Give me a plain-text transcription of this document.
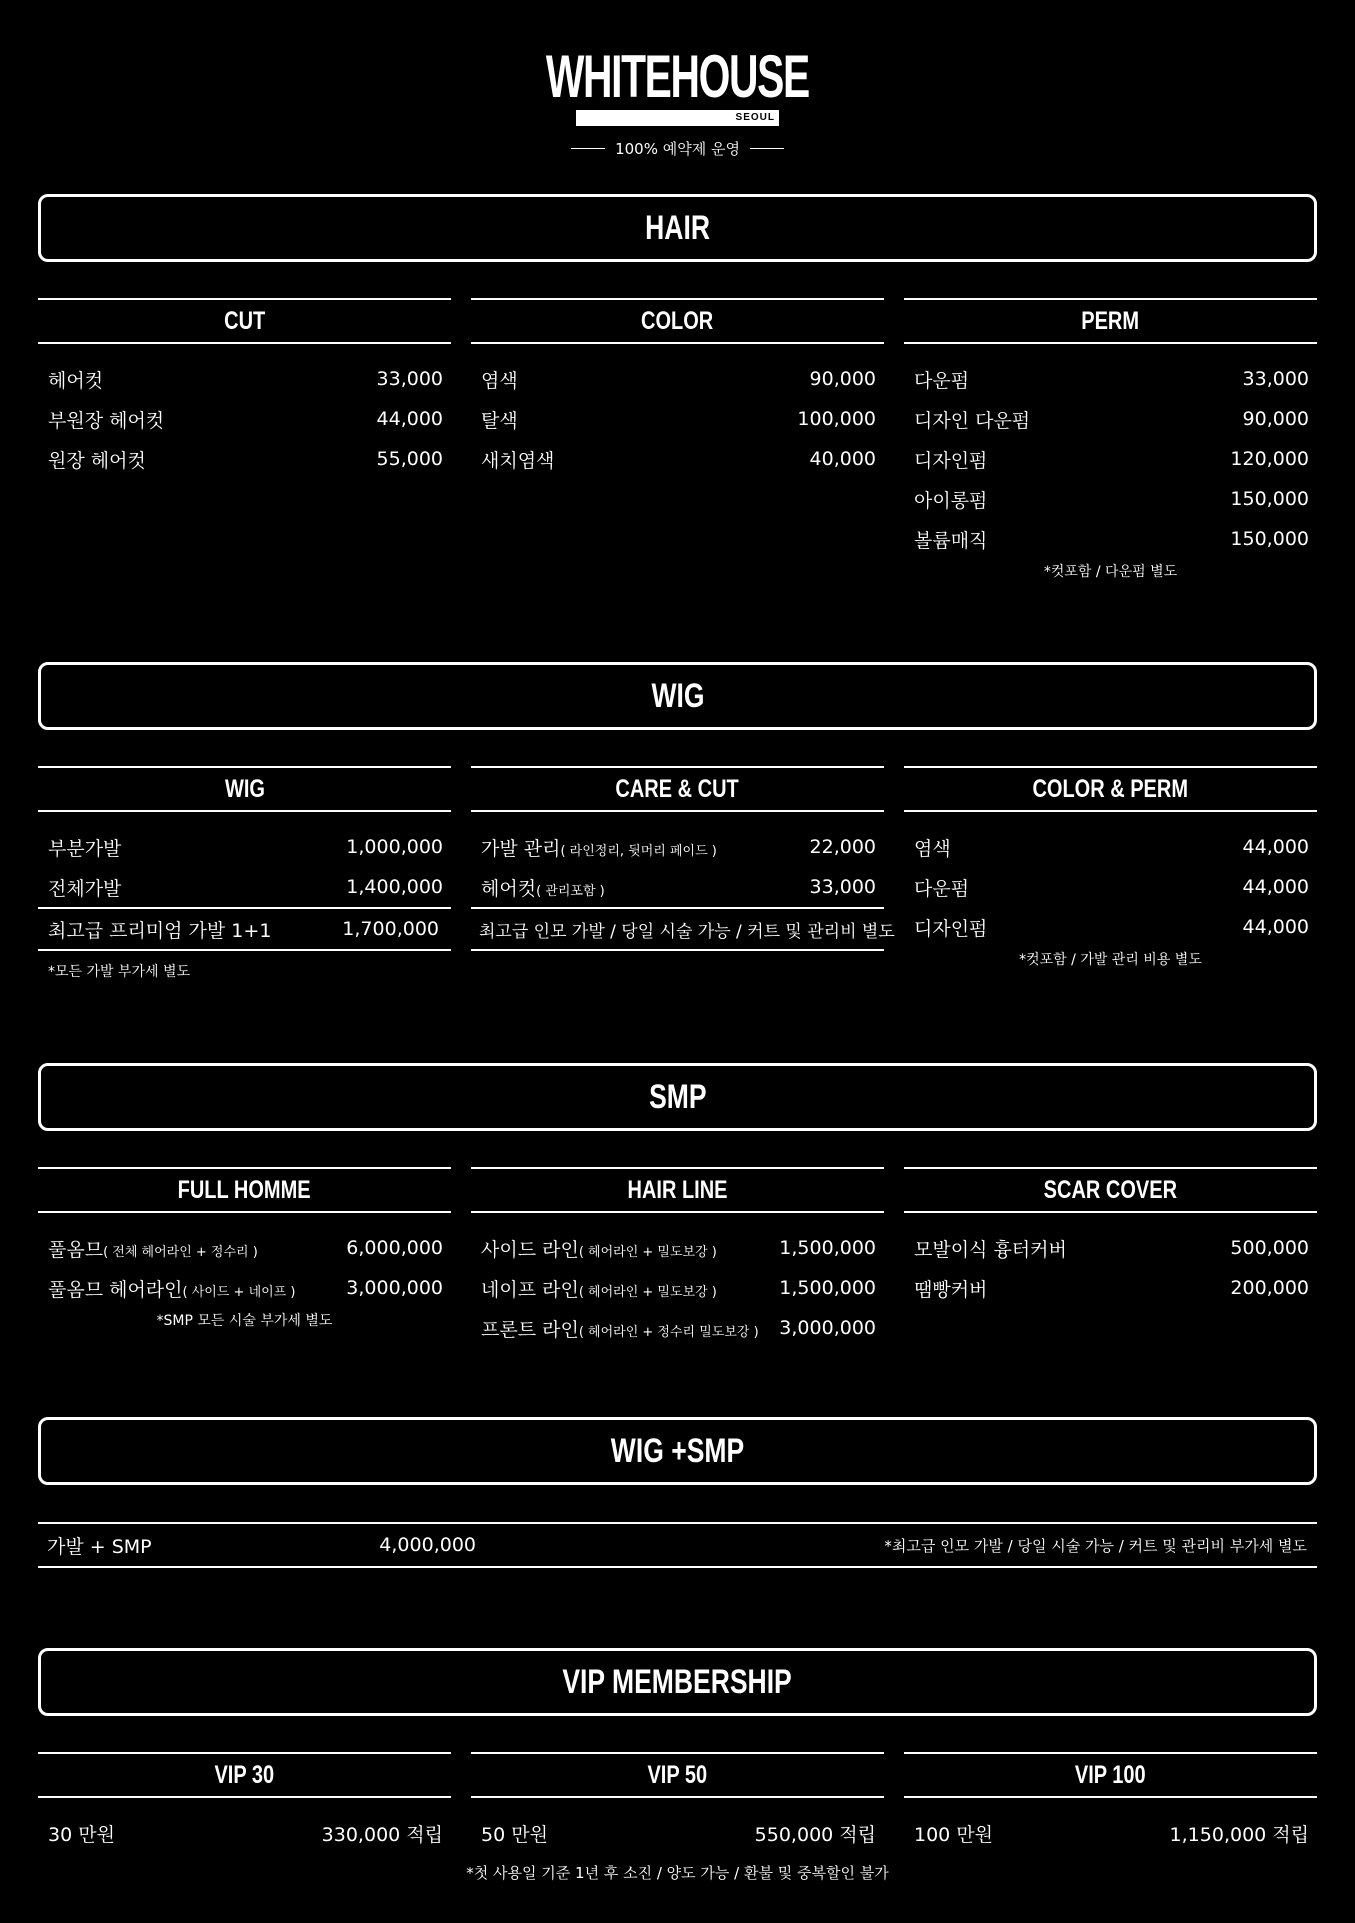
WHITEHOUSE
SEOUL
100% 예약제 운영
HAIR
CUT
헤어컷	33,000
부원장 헤어컷	44,000
원장 헤어컷	55,000
COLOR
염색	90,000
탈색	100,000
새치염색	40,000
PERM
다운펌	33,000
디자인 다운펌	90,000
디자인펌	120,000
아이롱펌	150,000
볼륨매직	150,000
*컷포함 / 다운펌 별도
WIG
WIG
부분가발	1,000,000
전체가발	1,400,000
최고급 프리미엄 가발 1+1	1,700,000
*모든 가발 부가세 별도
CARE & CUT
가발 관리( 라인정리, 뒷머리 페이드 )	22,000
헤어컷( 관리포함 )	33,000
최고급 인모 가발 / 당일 시술 가능 / 커트 및 관리비 별도
COLOR & PERM
염색	44,000
다운펌	44,000
디자인펌	44,000
*컷포함 / 가발 관리 비용 별도
SMP
FULL HOMME
풀옴므( 전체 헤어라인 + 정수리 )	6,000,000
풀옴므 헤어라인( 사이드 + 네이프 )	3,000,000
*SMP 모든 시술 부가세 별도
HAIR LINE
사이드 라인( 헤어라인 + 밀도보강 )	1,500,000
네이프 라인( 헤어라인 + 밀도보강 )	1,500,000
프론트 라인( 헤어라인 + 정수리 밀도보강 ) 3,000,000
SCAR COVER
모발이식 흉터커버	500,000
땜빵커버	200,000
WIG +SMP
가발 + SMP	4,000,000	*최고급 인모 가발 / 당일 시술 가능 / 커트 및 관리비 부가세 별도
VIP MEMBERSHIP
VIP 30
30 만원	330,000 적립
VIP 50
50 만원	550,000 적립
VIP 100
100 만원	1,150,000 적립
*첫 사용일 기준 1년 후 소진 / 양도 가능 / 환불 및 중복할인 불가
